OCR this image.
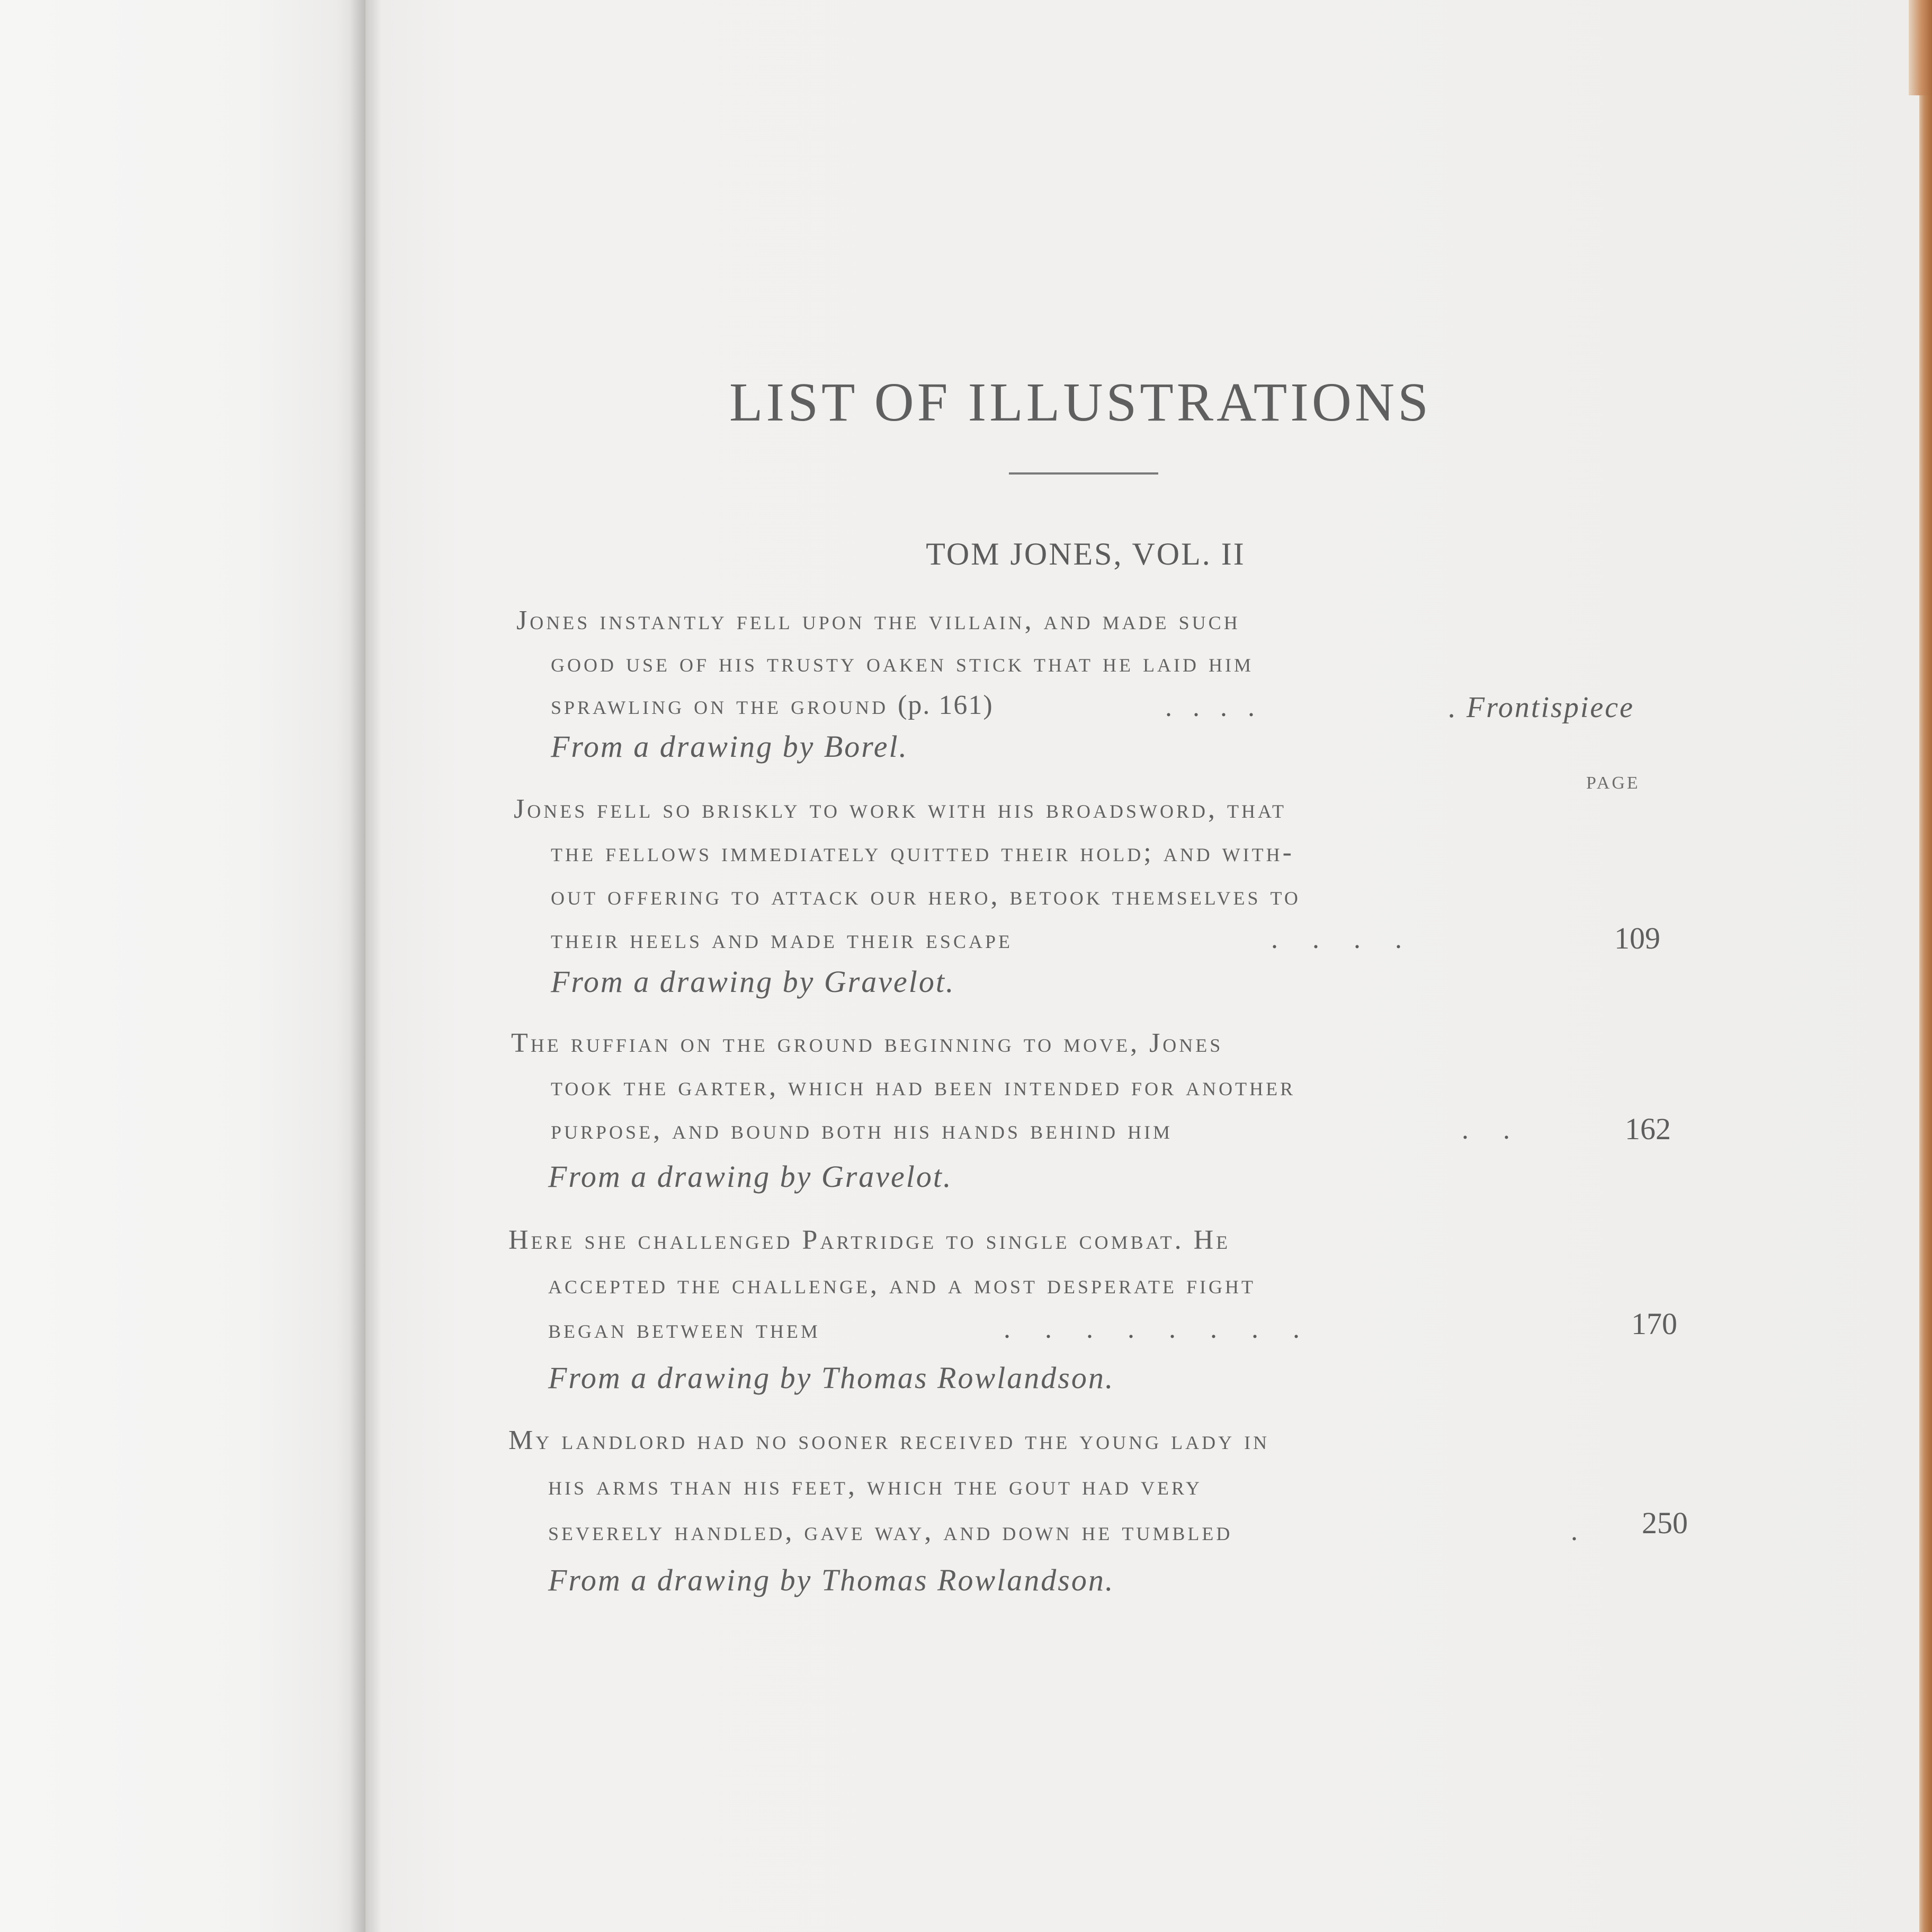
LIST OF ILLUSTRATIONS
TOM JONES, VOL. II
Jones instantly fell upon the villain, and made such
good use of his trusty oaken stick that he laid him
sprawling on the ground (p. 161)	.   .   .   .	. Frontispiece
From a drawing by Borel.
PAGE
Jones fell so briskly to work with his broadsword, that
the fellows immediately quitted their hold; and with-
out offering to attack our hero, betook themselves to
their heels and made their escape	.     .     .     .	109
From a drawing by Gravelot.
The ruffian on the ground beginning to move, Jones
took the garter, which had been intended for another
purpose, and bound both his hands behind him	.     .	162
From a drawing by Gravelot.
Here she challenged Partridge to single combat. He
accepted the challenge, and a most desperate fight
began between them	.     .     .     .     .     .     .     .	170
From a drawing by Thomas Rowlandson.
My landlord had no sooner received the young lady in
his arms than his feet, which the gout had very
severely handled, gave way, and down he tumbled	. 250
From a drawing by Thomas Rowlandson.
